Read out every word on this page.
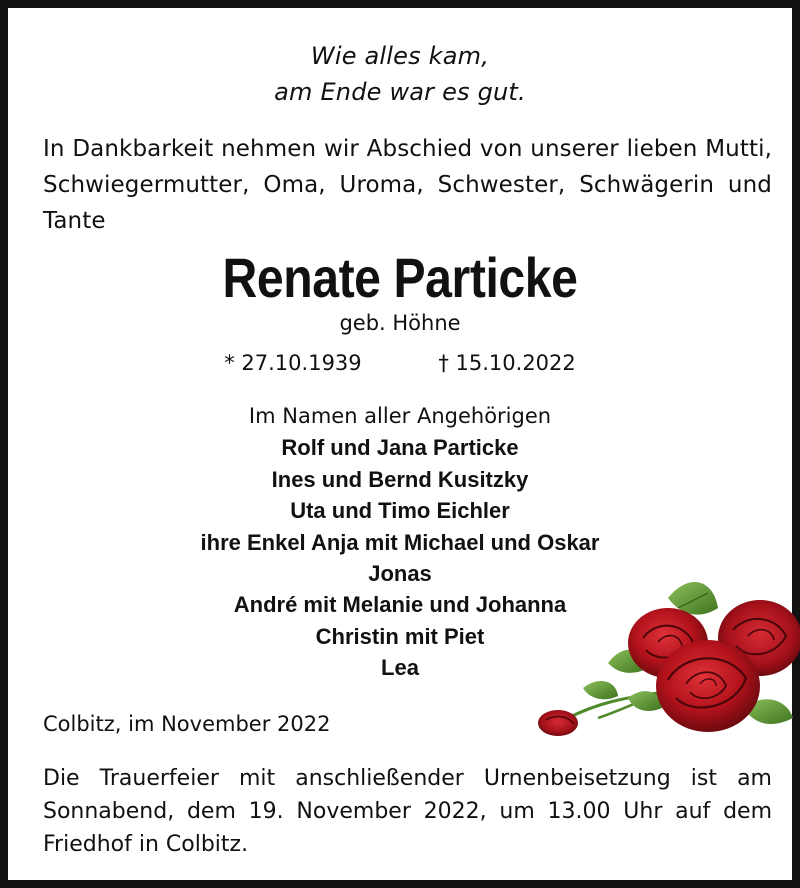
Wie alles kam,
am Ende war es gut.
In Dankbarkeit nehmen wir Abschied von unserer lieben Mutti, Schwiegermutter, Oma, Uroma, Schwester, Schwägerin und Tante
Renate Particke
geb. Höhne
* 27.10.1939	† 15.10.2022
Im Namen aller Angehörigen
Rolf und Jana Particke
Ines und Bernd Kusitzky
Uta und Timo Eichler
ihre Enkel Anja mit Michael und Oskar
Jonas
André mit Melanie und Johanna
Christin mit Piet
Lea
Colbitz, im November 2022
Die Trauerfeier mit anschließender Urnenbeisetzung ist am Sonnabend, dem 19. November 2022, um 13.00 Uhr auf dem Friedhof in Colbitz.
